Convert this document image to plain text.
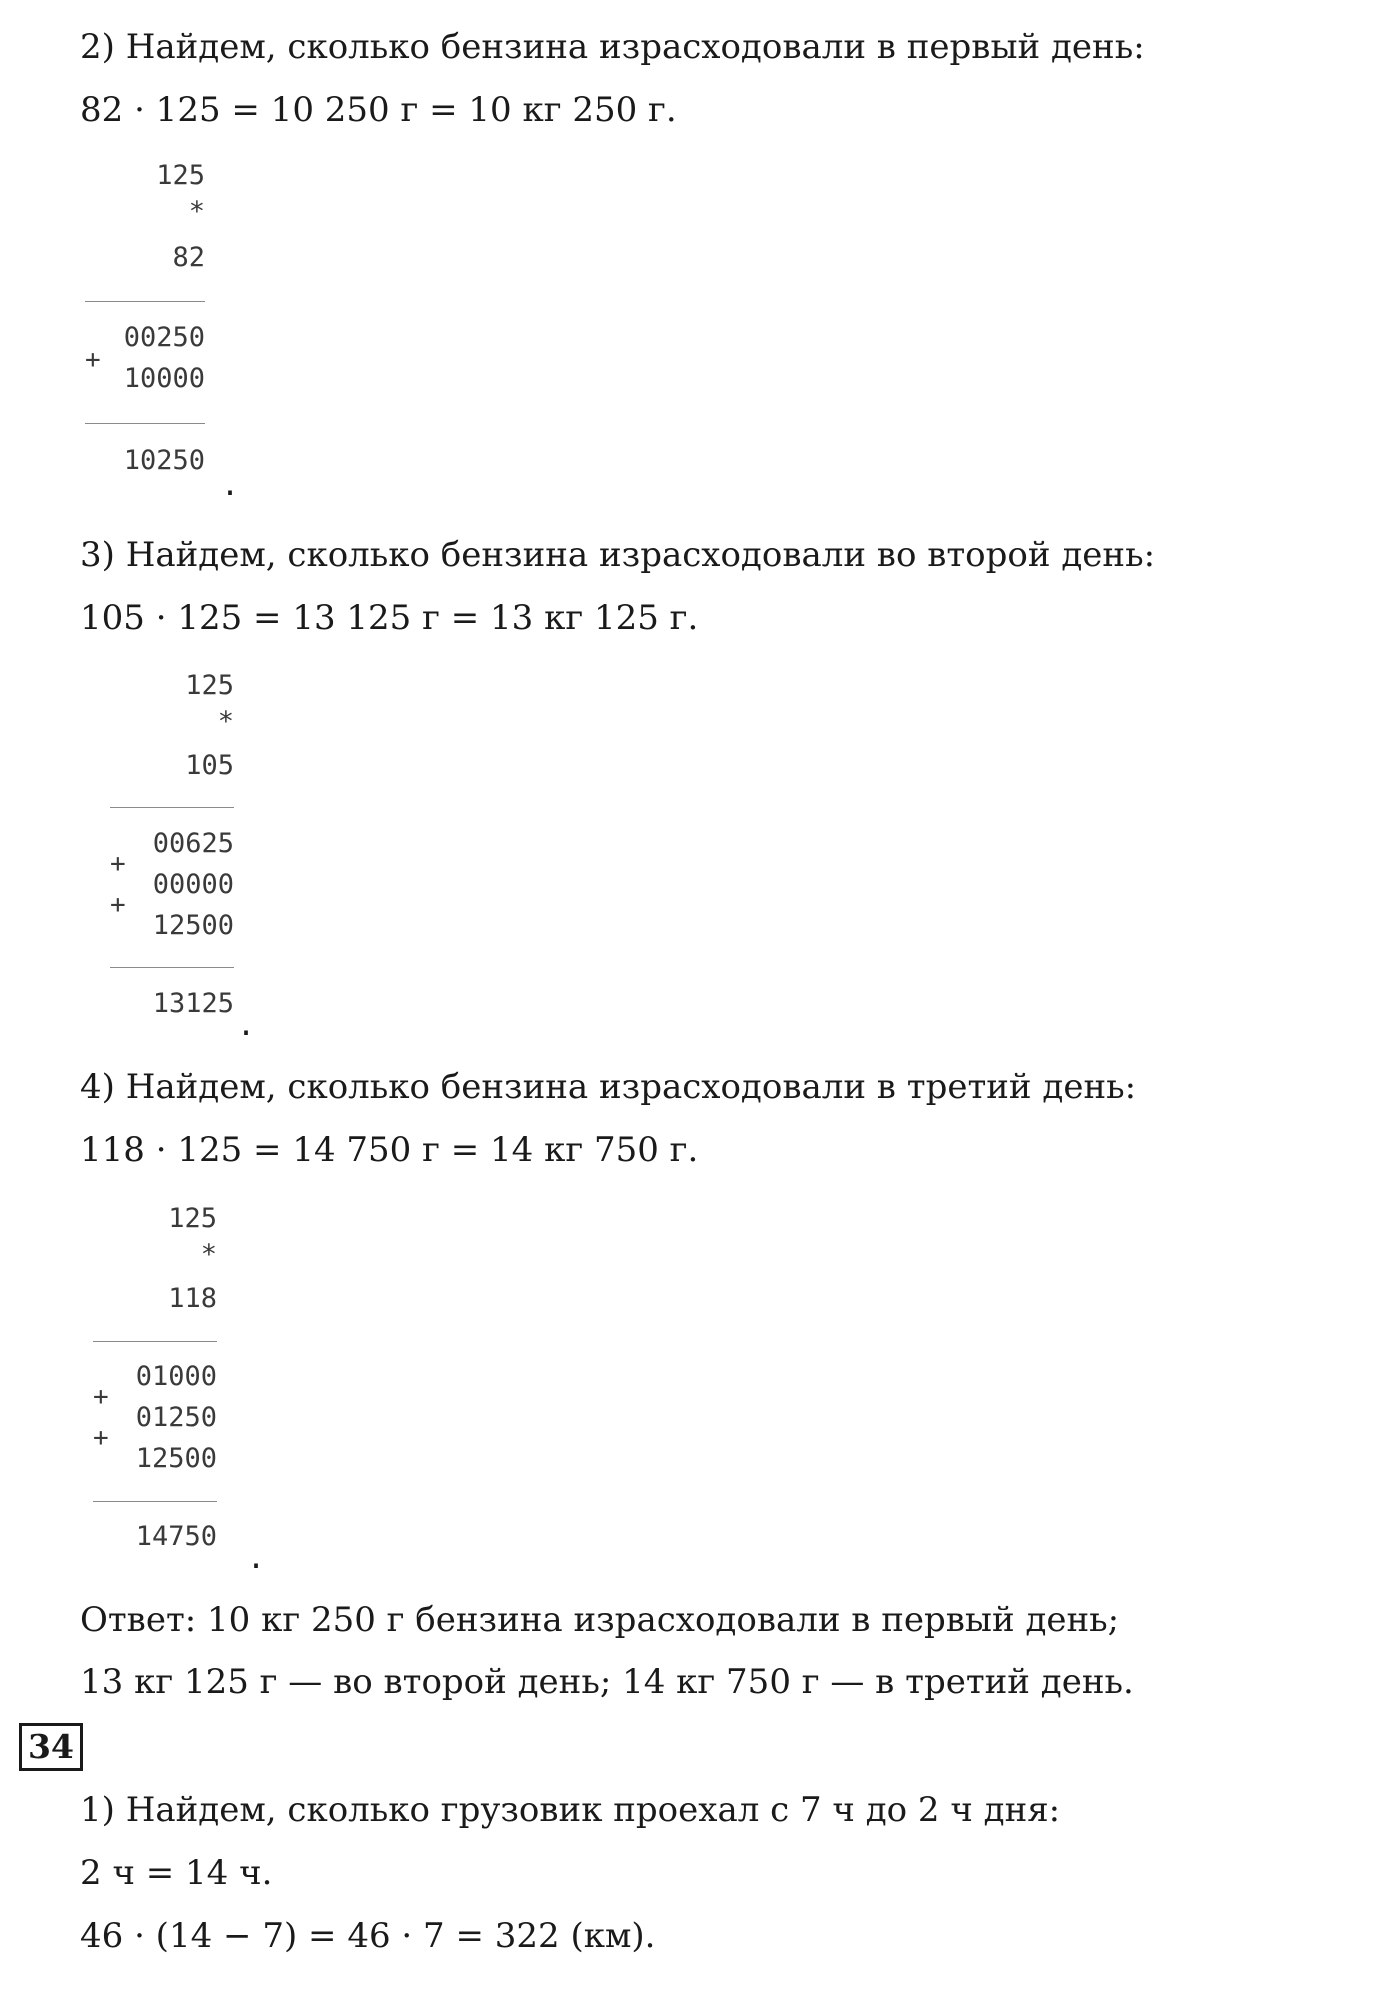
2) Найдем, сколько бензина израсходовали в первый день:
82 · 125 = 10 250 г = 10 кг 250 г.
125
*
82
00250
+
10000
10250
.
3) Найдем, сколько бензина израсходовали во второй день:
105 · 125 = 13 125 г = 13 кг 125 г.
125
*
105
00625
+
00000
+
12500
13125
.
4) Найдем, сколько бензина израсходовали в третий день:
118 · 125 = 14 750 г = 14 кг 750 г.
125
*
118
01000
+
01250
+
12500
14750
.
Ответ: 10 кг 250 г бензина израсходовали в первый день;
13 кг 125 г — во второй день; 14 кг 750 г — в третий день.
34
1) Найдем, сколько грузовик проехал с 7 ч до 2 ч дня:
2 ч = 14 ч.
46 · (14 − 7) = 46 · 7 = 322 (км).
